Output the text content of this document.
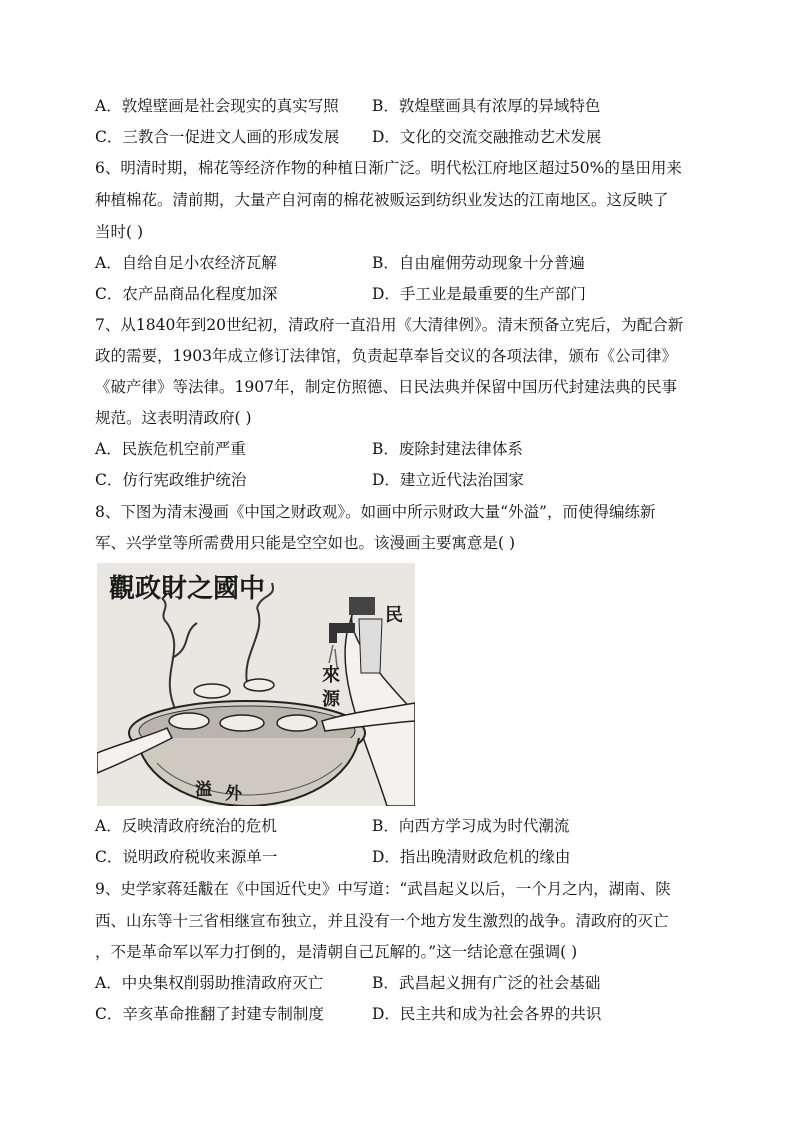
A．敦煌壁画是社会现实的真实写照 B．敦煌壁画具有浓厚的异域特色
C．三教合一促进文人画的形成发展 D．文化的交流交融推动艺术发展
6、明清时期，棉花等经济作物的种植日渐广泛。明代松江府地区超过50%的垦田用来
种植棉花。清前期，大量产自河南的棉花被贩运到纺织业发达的江南地区。这反映了
当时( )
A．自给自足小农经济瓦解	B．自由雇佣劳动现象十分普遍
C．农产品商品化程度加深	D．手工业是最重要的生产部门
7、从1840年到20世纪初，清政府一直沿用《大清律例》。清末预备立宪后，为配合新
政的需要，1903年成立修订法律馆，负责起草奉旨交议的各项法律，颁布《公司律》
《破产律》等法律。1907年，制定仿照德、日民法典并保留中国历代封建法典的民事
规范。这表明清政府( )
A．民族危机空前严重	B．废除封建法律体系
C．仿行宪政维护统治	D．建立近代法治国家
8、下图为清末漫画《中国之财政观》。如画中所示财政大量“外溢”，而使得编练新
军、兴学堂等所需费用只能是空空如也。该漫画主要寓意是( )
觀政財之國中
民
來
源
溢 外
A．反映清政府统治的危机	B．向西方学习成为时代潮流
C．说明政府税收来源单一	D．指出晚清财政危机的缘由
9、史学家蒋廷黻在《中国近代史》中写道：“武昌起义以后，一个月之内，湖南、陕
西、山东等十三省相继宣布独立，并且没有一个地方发生激烈的战争。清政府的灭亡
，不是革命军以军力打倒的，是清朝自己瓦解的。”这一结论意在强调( )
A．中央集权削弱助推清政府灭亡	B．武昌起义拥有广泛的社会基础
C．辛亥革命推翻了封建专制制度	D．民主共和成为社会各界的共识
